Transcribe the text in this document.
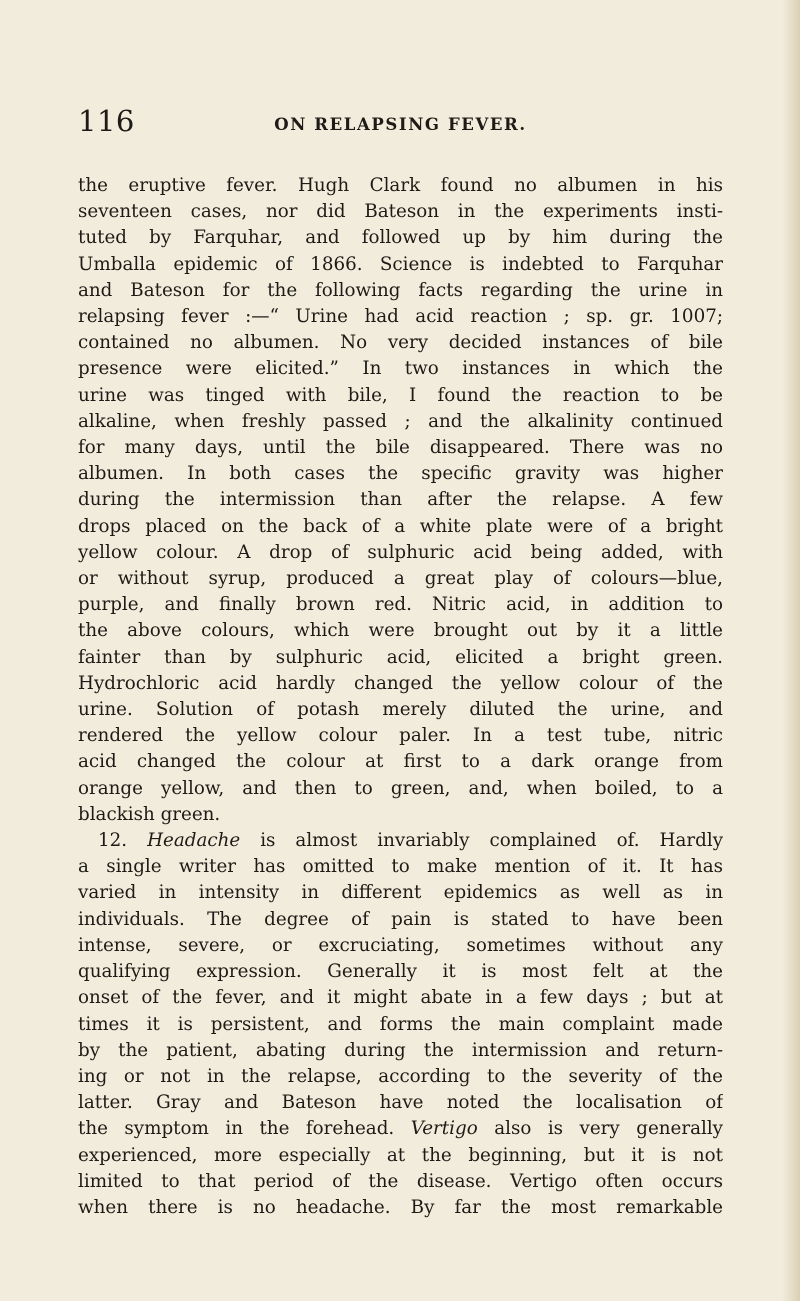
116	ON RELAPSING FEVER.
the eruptive fever. Hugh Clark found no albumen in his
seventeen cases, nor did Bateson in the experiments insti-
tuted by Farquhar, and followed up by him during the
Umballa epidemic of 1866. Science is indebted to Farquhar
and Bateson for the following facts regarding the urine in
relapsing fever :—“ Urine had acid reaction ; sp. gr. 1007;
contained no albumen. No very decided instances of bile
presence were elicited.” In two instances in which the
urine was tinged with bile, I found the reaction to be
alkaline, when freshly passed ; and the alkalinity continued
for many days, until the bile disappeared. There was no
albumen. In both cases the specific gravity was higher
during the intermission than after the relapse. A few
drops placed on the back of a white plate were of a bright
yellow colour. A drop of sulphuric acid being added, with
or without syrup, produced a great play of colours—blue,
purple, and finally brown red. Nitric acid, in addition to
the above colours, which were brought out by it a little
fainter than by sulphuric acid, elicited a bright green.
Hydrochloric acid hardly changed the yellow colour of the
urine. Solution of potash merely diluted the urine, and
rendered the yellow colour paler. In a test tube, nitric
acid changed the colour at first to a dark orange from
orange yellow, and then to green, and, when boiled, to a
blackish green.
12. Headache is almost invariably complained of. Hardly
a single writer has omitted to make mention of it. It has
varied in intensity in different epidemics as well as in
individuals. The degree of pain is stated to have been
intense, severe, or excruciating, sometimes without any
qualifying expression. Generally it is most felt at the
onset of the fever, and it might abate in a few days ; but at
times it is persistent, and forms the main complaint made
by the patient, abating during the intermission and return-
ing or not in the relapse, according to the severity of the
latter. Gray and Bateson have noted the localisation of
the symptom in the forehead. Vertigo also is very generally
experienced, more especially at the beginning, but it is not
limited to that period of the disease. Vertigo often occurs
when there is no headache. By far the most remarkable
